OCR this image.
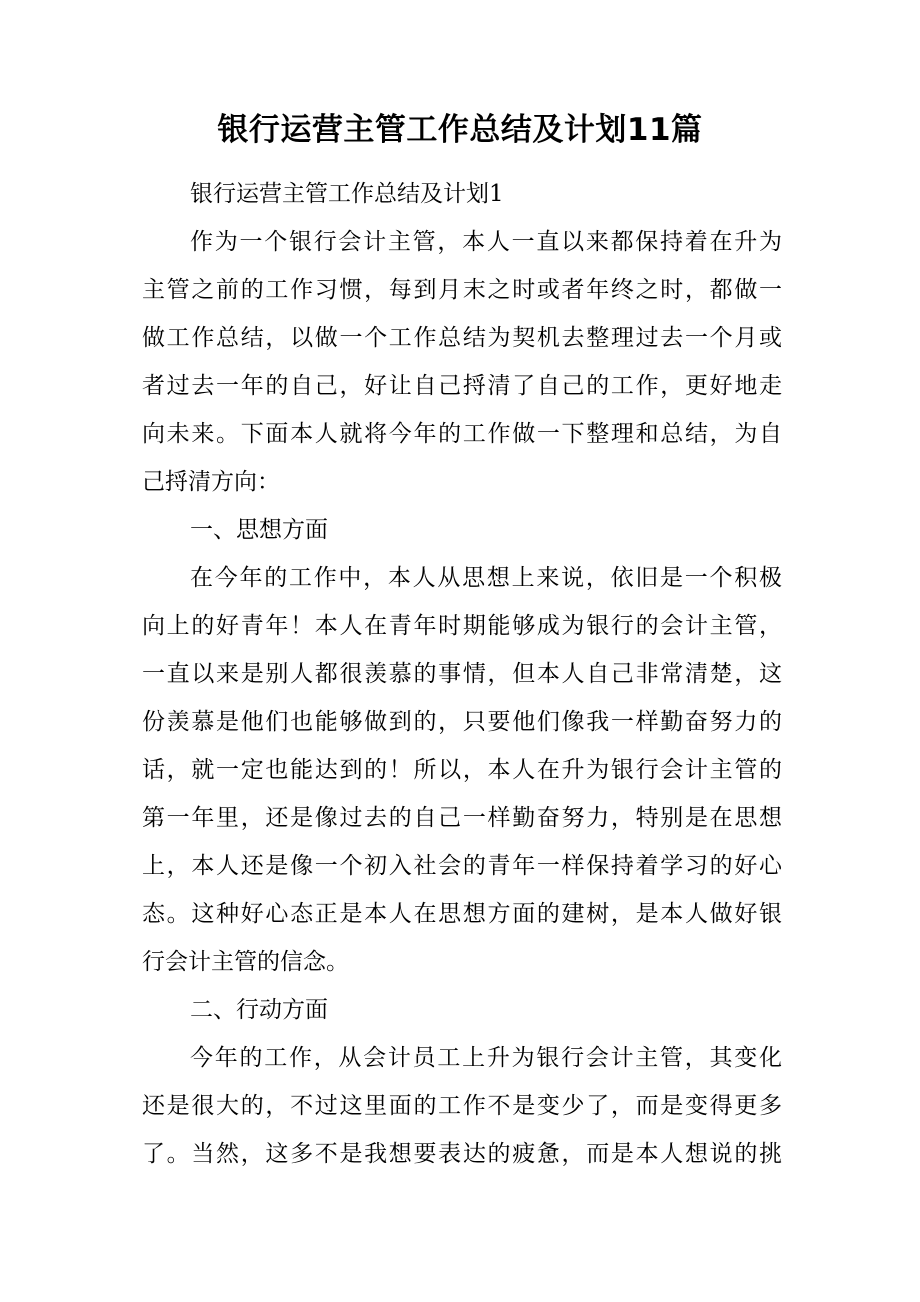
银行运营主管工作总结及计划11篇

银行运营主管工作总结及计划1

作为一个银行会计主管，本人一直以来都保持着在升为

主管之前的工作习惯，每到月末之时或者年终之时，都做一

做工作总结，以做一个工作总结为契机去整理过去一个月或

者过去一年的自己，好让自己捋清了自己的工作，更好地走

向未来。下面本人就将今年的工作做一下整理和总结，为自

己捋清方向：

一、思想方面

在今年的工作中，本人从思想上来说，依旧是一个积极

向上的好青年！本人在青年时期能够成为银行的会计主管，

一直以来是别人都很羡慕的事情，但本人自己非常清楚，这

份羡慕是他们也能够做到的，只要他们像我一样勤奋努力的

话，就一定也能达到的！所以，本人在升为银行会计主管的

第一年里，还是像过去的自己一样勤奋努力，特别是在思想

上，本人还是像一个初入社会的青年一样保持着学习的好心

态。这种好心态正是本人在思想方面的建树，是本人做好银

行会计主管的信念。

二、行动方面

今年的工作，从会计员工上升为银行会计主管，其变化

还是很大的，不过这里面的工作不是变少了，而是变得更多

了。当然，这多不是我想要表达的疲惫，而是本人想说的挑
